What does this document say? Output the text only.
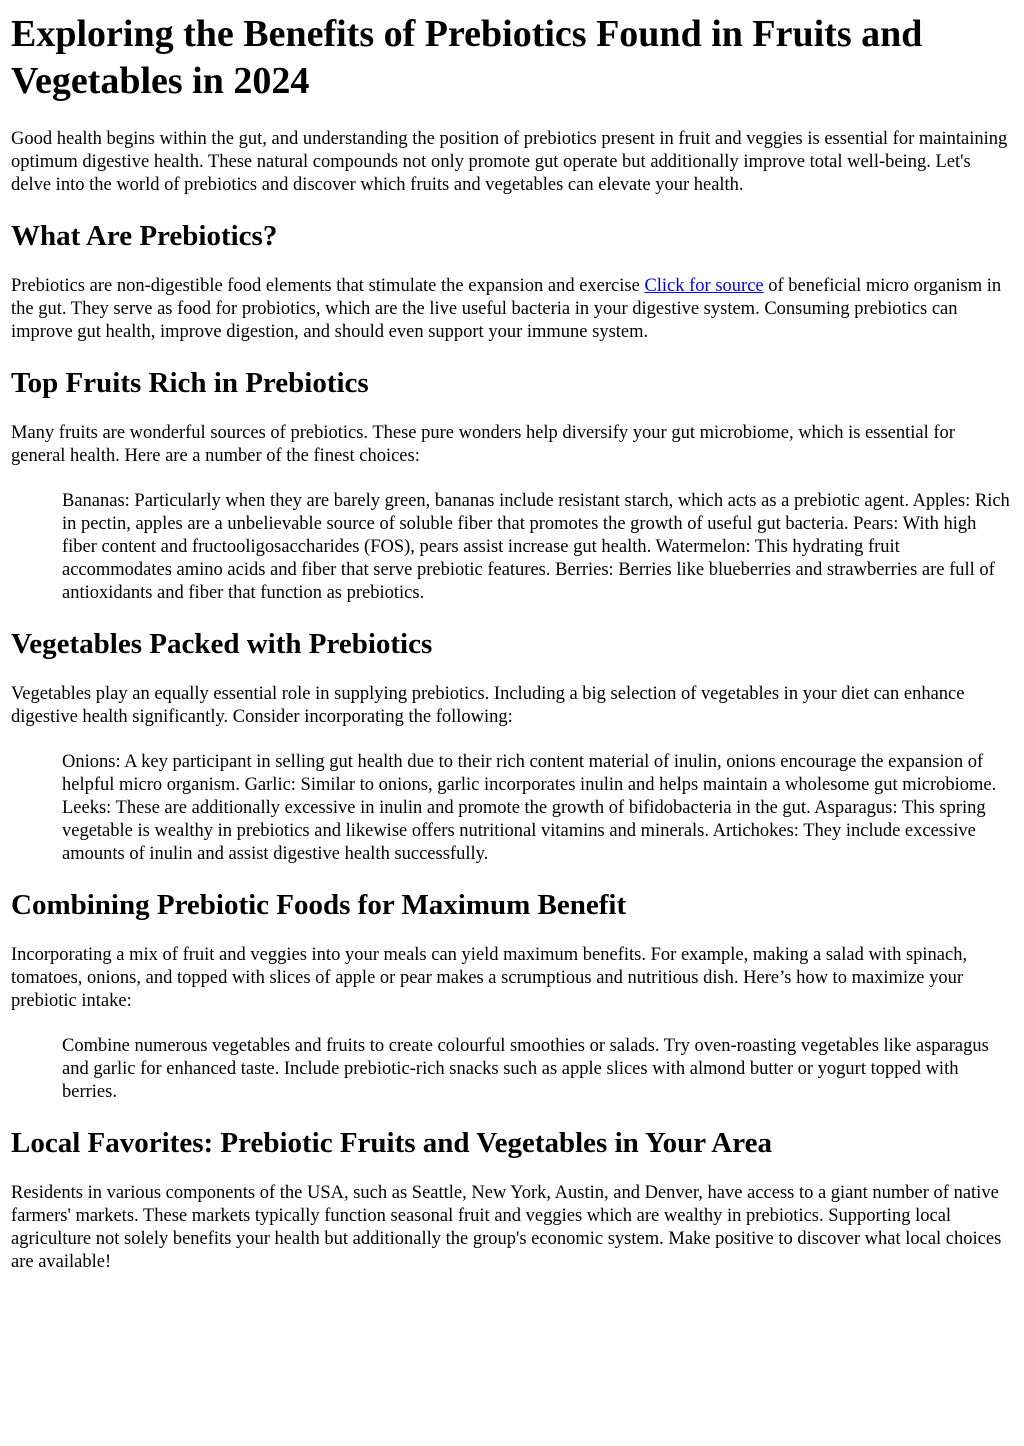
Exploring the Benefits of Prebiotics Found in Fruits and Vegetables in 2024

Good health begins within the gut, and understanding the position of prebiotics present in fruit and veggies is essential for maintaining optimum digestive health. These natural compounds not only promote gut operate but additionally improve total well-being. Let's delve into the world of prebiotics and discover which fruits and vegetables can elevate your health.

What Are Prebiotics?

Prebiotics are non-digestible food elements that stimulate the expansion and exercise Click for source of beneficial micro organism in the gut. They serve as food for probiotics, which are the live useful bacteria in your digestive system. Consuming prebiotics can improve gut health, improve digestion, and should even support your immune system.

Top Fruits Rich in Prebiotics

Many fruits are wonderful sources of prebiotics. These pure wonders help diversify your gut microbiome, which is essential for general health. Here are a number of the finest choices:

Bananas: Particularly when they are barely green, bananas include resistant starch, which acts as a prebiotic agent. Apples: Rich in pectin, apples are a unbelievable source of soluble fiber that promotes the growth of useful gut bacteria. Pears: With high fiber content and fructooligosaccharides (FOS), pears assist increase gut health. Watermelon: This hydrating fruit accommodates amino acids and fiber that serve prebiotic features. Berries: Berries like blueberries and strawberries are full of antioxidants and fiber that function as prebiotics.
Vegetables Packed with Prebiotics

Vegetables play an equally essential role in supplying prebiotics. Including a big selection of vegetables in your diet can enhance digestive health significantly. Consider incorporating the following:

Onions: A key participant in selling gut health due to their rich content material of inulin, onions encourage the expansion of helpful micro organism. Garlic: Similar to onions, garlic incorporates inulin and helps maintain a wholesome gut microbiome. Leeks: These are additionally excessive in inulin and promote the growth of bifidobacteria in the gut. Asparagus: This spring vegetable is wealthy in prebiotics and likewise offers nutritional vitamins and minerals. Artichokes: They include excessive amounts of inulin and assist digestive health successfully.
Combining Prebiotic Foods for Maximum Benefit

Incorporating a mix of fruit and veggies into your meals can yield maximum benefits. For example, making a salad with spinach, tomatoes, onions, and topped with slices of apple or pear makes a scrumptious and nutritious dish. Here’s how to maximize your prebiotic intake:

Combine numerous vegetables and fruits to create colourful smoothies or salads. Try oven-roasting vegetables like asparagus and garlic for enhanced taste. Include prebiotic-rich snacks such as apple slices with almond butter or yogurt topped with berries.
Local Favorites: Prebiotic Fruits and Vegetables in Your Area

Residents in various components of the USA, such as Seattle, New York, Austin, and Denver, have access to a giant number of native farmers' markets. These markets typically function seasonal fruit and veggies which are wealthy in prebiotics. Supporting local agriculture not solely benefits your health but additionally the group's economic system. Make positive to discover what local choices are available!
